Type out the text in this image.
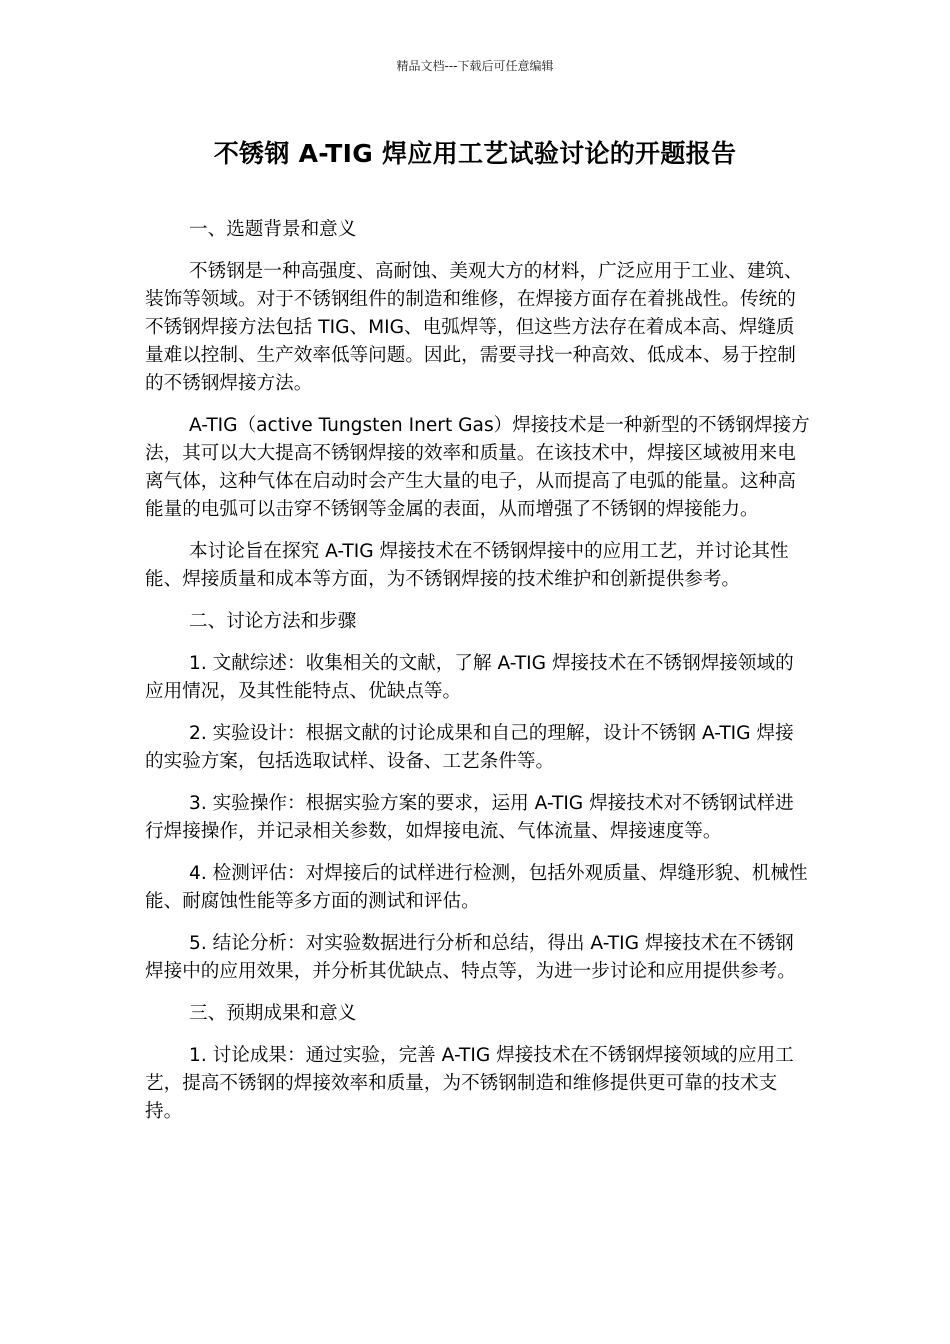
精品文档---下载后可任意编辑
不锈钢 A-TIG 焊应用工艺试验讨论的开题报告

一、选题背景和意义

不锈钢是一种高强度、高耐蚀、美观大方的材料，广泛应用于工业、建筑、装饰等领域。对于不锈钢组件的制造和维修，在焊接方面存在着挑战性。传统的不锈钢焊接方法包括 TIG、MIG、电弧焊等，但这些方法存在着成本高、焊缝质量难以控制、生产效率低等问题。因此，需要寻找一种高效、低成本、易于控制的不锈钢焊接方法。

A-TIG（active Tungsten Inert Gas）焊接技术是一种新型的不锈钢焊接方法，其可以大大提高不锈钢焊接的效率和质量。在该技术中，焊接区域被用来电离气体，这种气体在启动时会产生大量的电子，从而提高了电弧的能量。这种高能量的电弧可以击穿不锈钢等金属的表面，从而增强了不锈钢的焊接能力。

本讨论旨在探究 A-TIG 焊接技术在不锈钢焊接中的应用工艺，并讨论其性能、焊接质量和成本等方面，为不锈钢焊接的技术维护和创新提供参考。

二、讨论方法和步骤

1. 文献综述：收集相关的文献，了解 A-TIG 焊接技术在不锈钢焊接领域的应用情况，及其性能特点、优缺点等。

2. 实验设计：根据文献的讨论成果和自己的理解，设计不锈钢 A-TIG 焊接的实验方案，包括选取试样、设备、工艺条件等。

3. 实验操作：根据实验方案的要求，运用 A-TIG 焊接技术对不锈钢试样进行焊接操作，并记录相关参数，如焊接电流、气体流量、焊接速度等。

4. 检测评估：对焊接后的试样进行检测，包括外观质量、焊缝形貌、机械性能、耐腐蚀性能等多方面的测试和评估。

5. 结论分析：对实验数据进行分析和总结，得出 A-TIG 焊接技术在不锈钢焊接中的应用效果，并分析其优缺点、特点等，为进一步讨论和应用提供参考。

三、预期成果和意义

1. 讨论成果：通过实验，完善 A-TIG 焊接技术在不锈钢焊接领域的应用工艺，提高不锈钢的焊接效率和质量，为不锈钢制造和维修提供更可靠的技术支持。
